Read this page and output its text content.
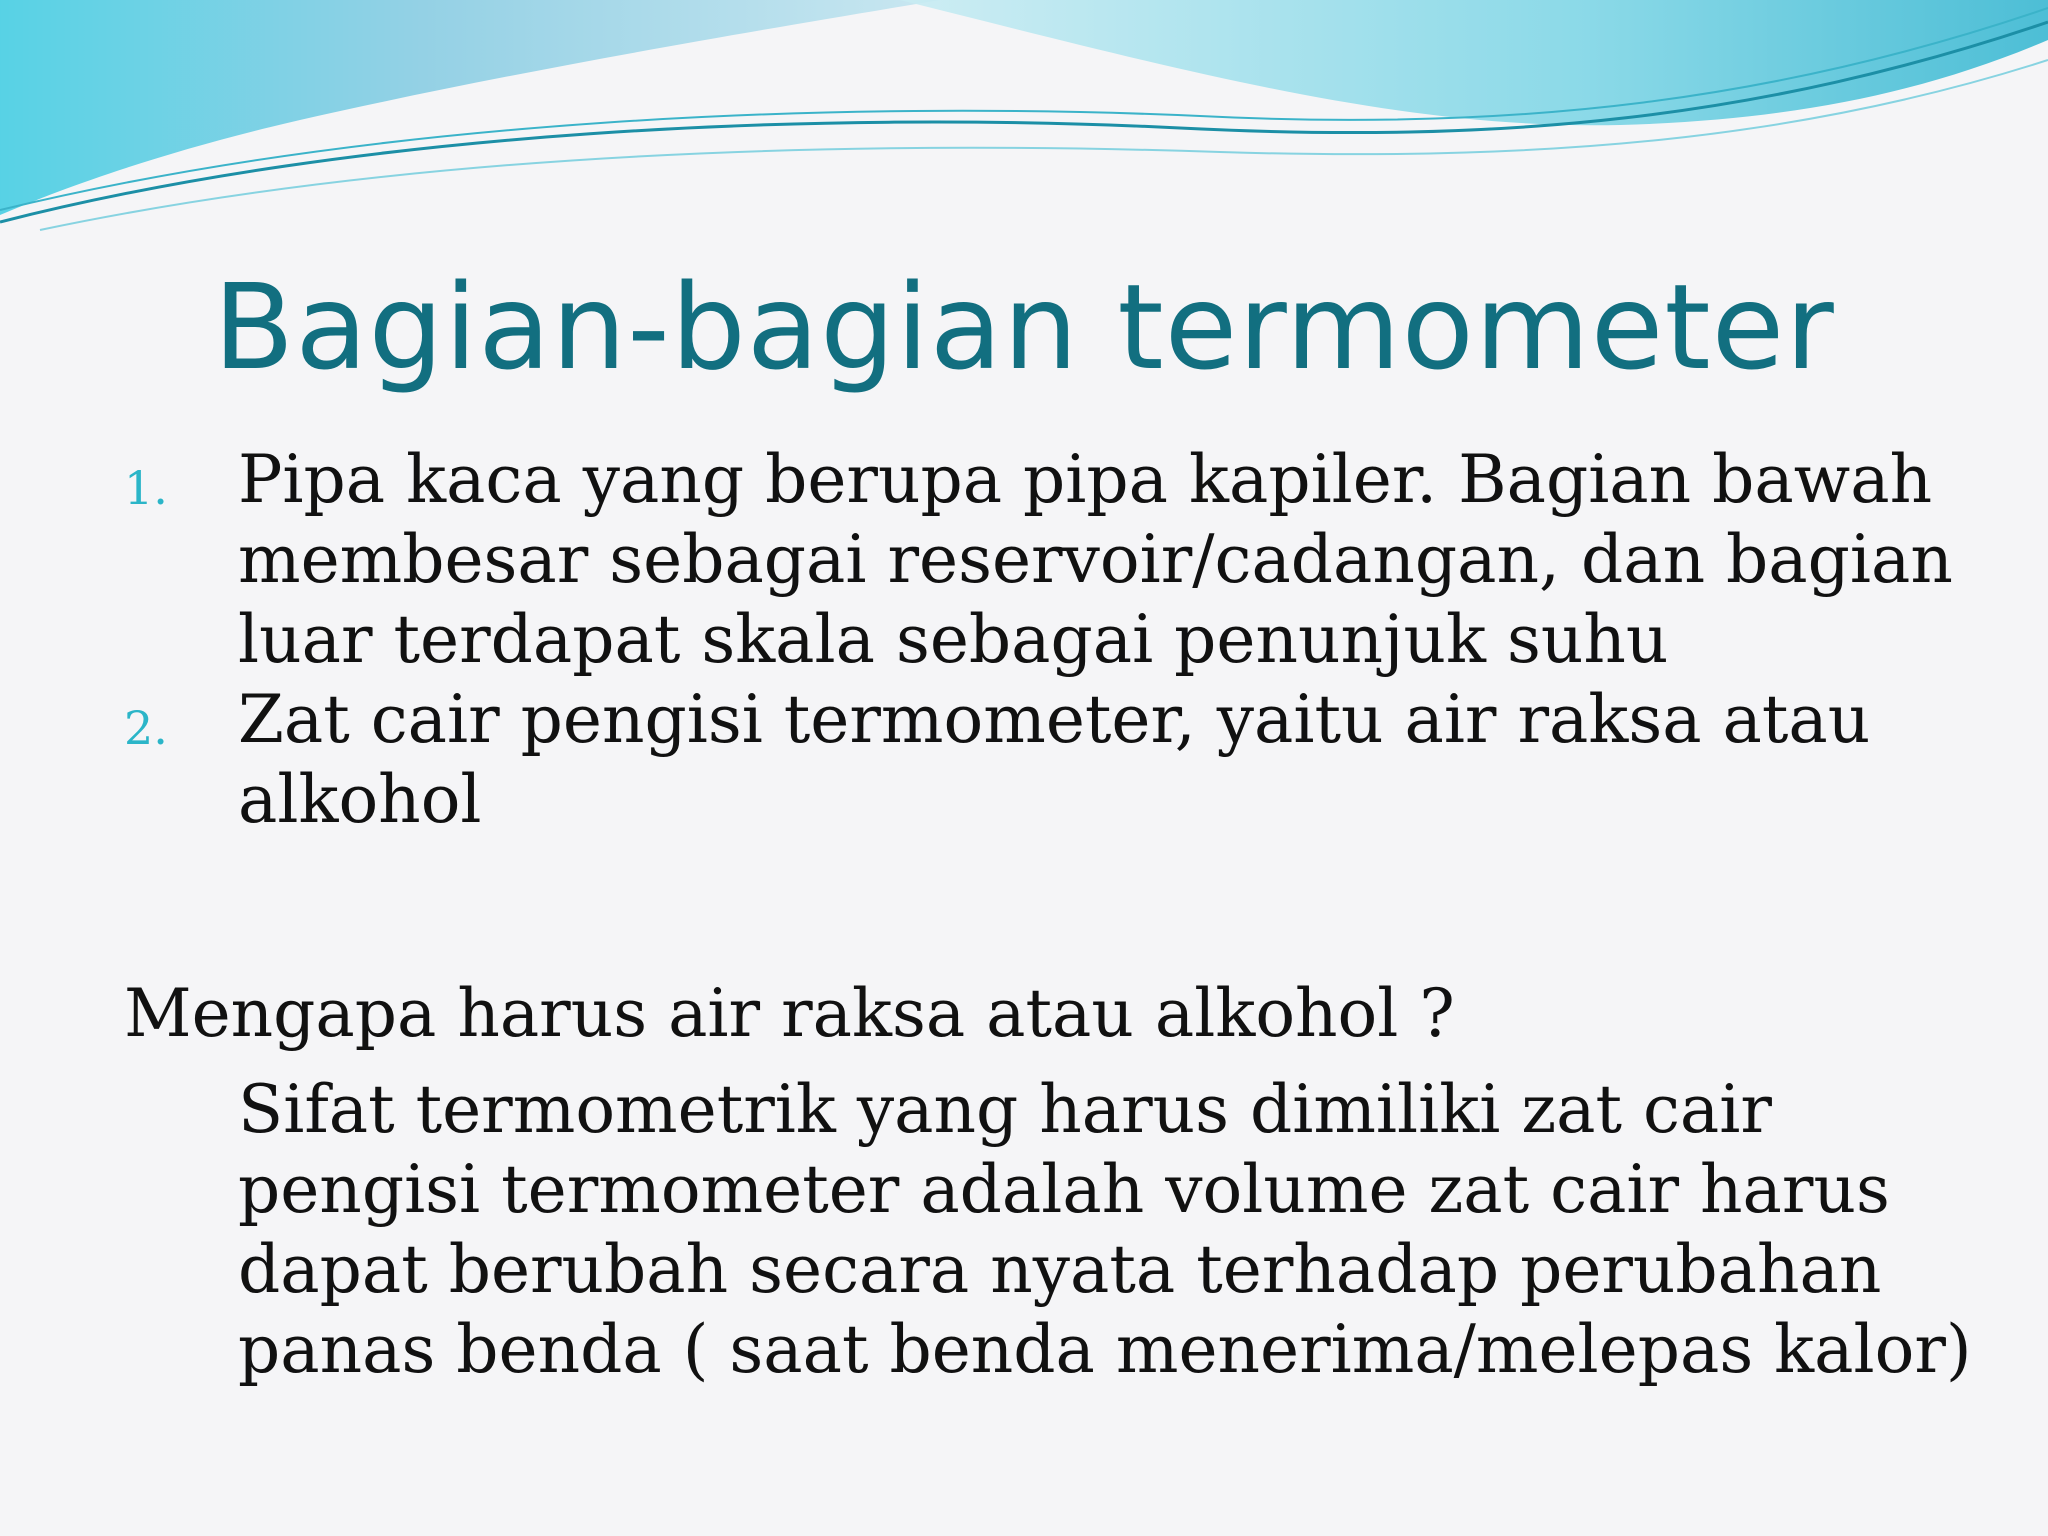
Bagian-bagian termometer
1. Pipa kaca yang berupa pipa kapiler. Bagian bawah membesar sebagai reservoir/cadangan, dan bagian luar terdapat skala sebagai penunjuk suhu
2. Zat cair pengisi termometer, yaitu air raksa atau alkohol

Mengapa harus air raksa atau alkohol ?

Sifat termometrik yang harus dimiliki zat cair pengisi termometer adalah volume zat cair harus dapat berubah secara nyata terhadap perubahan panas benda ( saat benda menerima/melepas kalor)
